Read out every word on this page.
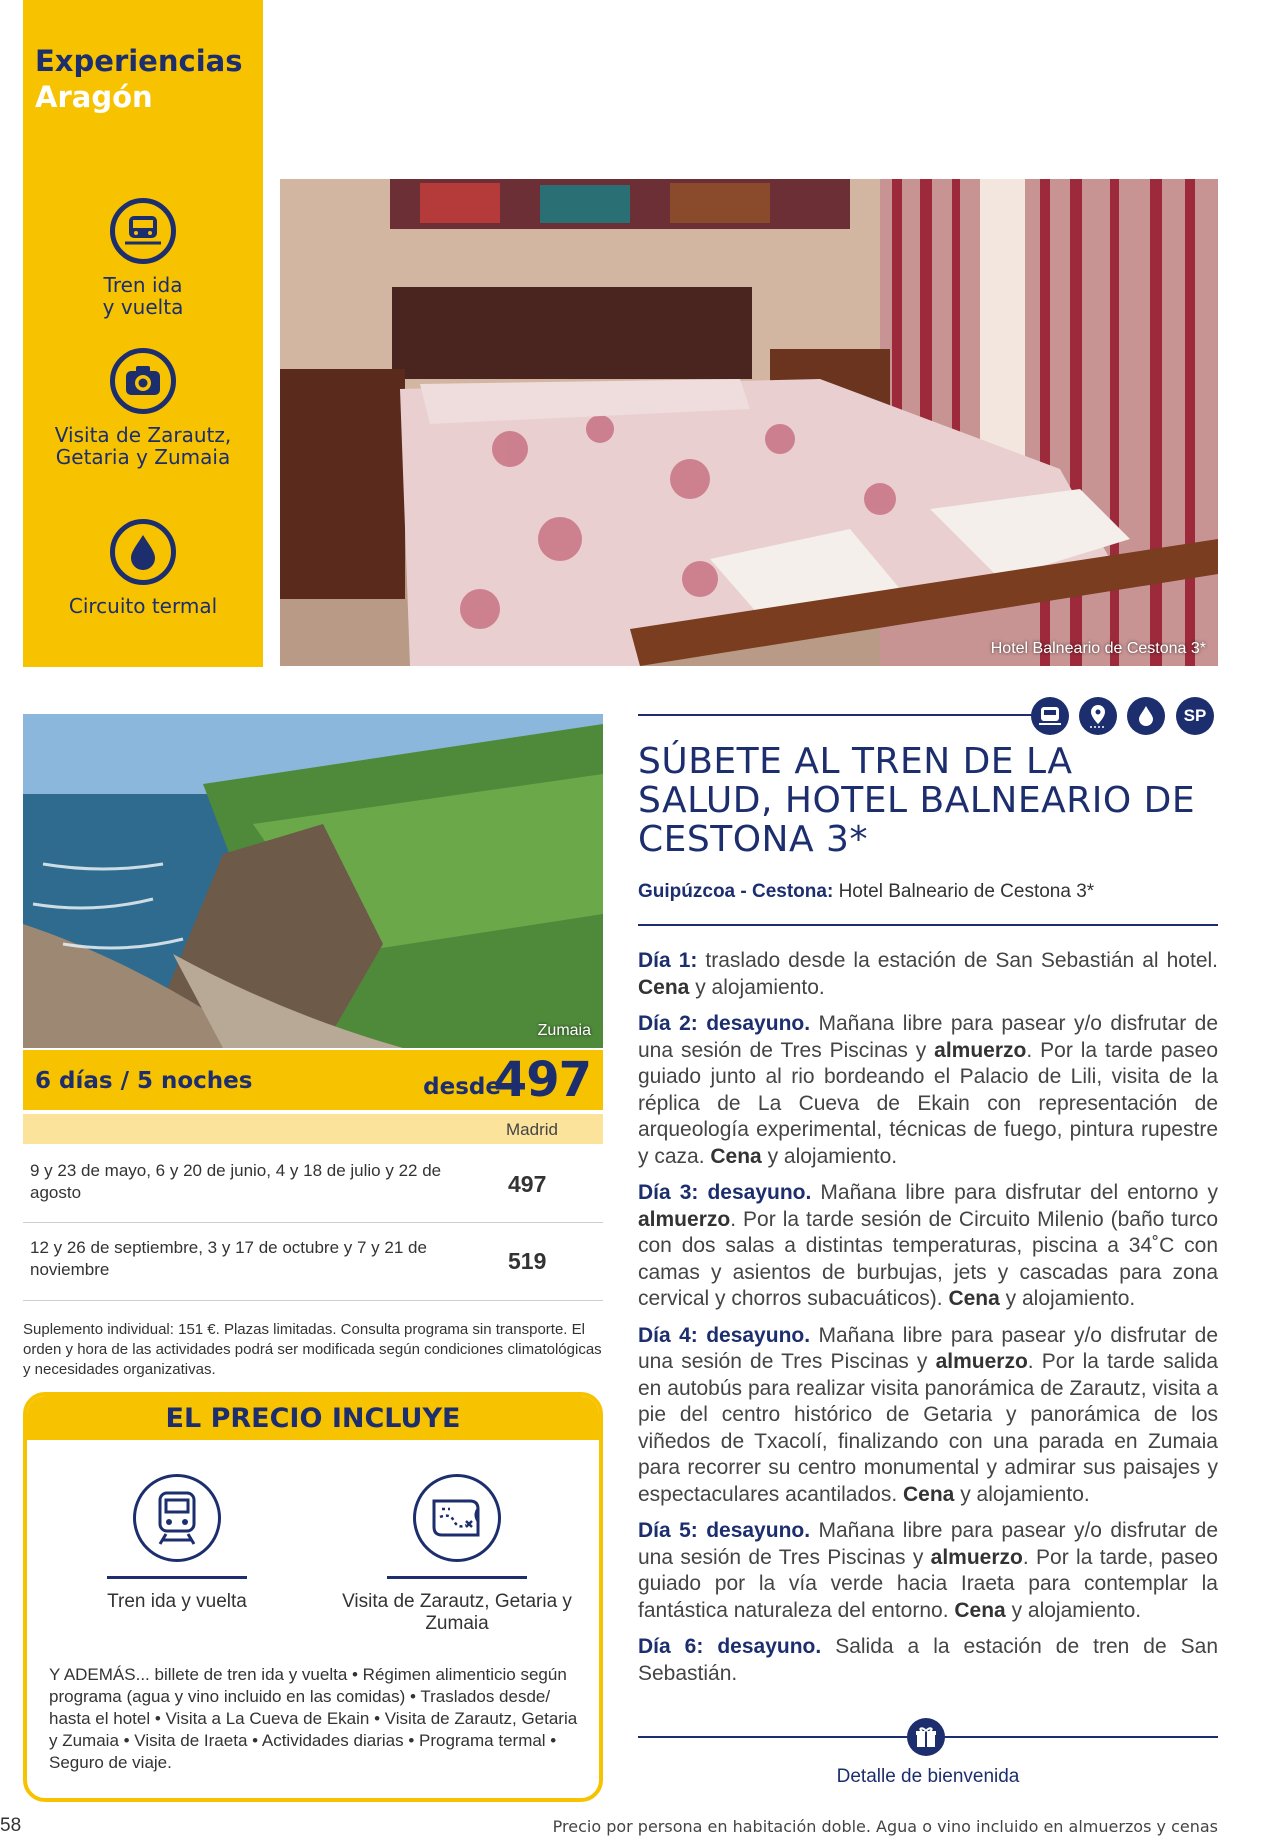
Experiencias
Aragón
Tren ida
y vuelta
Visita de Zarautz,
Getaria y Zumaia
Circuito termal
Hotel Balneario de Cestona 3*
Zumaia
6 días / 5 noches	desde
497
Madrid
9 y 23 de mayo, 6 y 20 de junio, 4 y 18 de julio y 22 de agosto	497
12 y 26 de septiembre, 3 y 17 de octubre y 7 y 21 de noviembre	519
Suplemento individual: 151 €. Plazas limitadas. Consulta programa sin transporte. El orden y hora de las actividades podrá ser modificada según condiciones climatológicas y necesidades organizativas.
EL PRECIO INCLUYE
Tren ida y vuelta	Visita de Zarautz, Getaria y Zumaia
Y ADEMÁS... billete de tren ida y vuelta • Régimen alimenticio según programa (agua y vino incluido en las comidas) • Traslados desde/ hasta el hotel • Visita a La Cueva de Ekain • Visita de Zarautz, Getaria y Zumaia • Visita de Iraeta • Actividades diarias • Programa termal • Seguro de viaje.
SP
SÚBETE AL TREN DE LA SALUD, HOTEL BALNEARIO DE CESTONA 3*
Guipúzcoa - Cestona: Hotel Balneario de Cestona 3*

Día 1: traslado desde la estación de San Sebastián al hotel. Cena y alojamiento.

Día 2: desayuno. Mañana libre para pasear y/o disfrutar de una sesión de Tres Piscinas y almuerzo. Por la tarde paseo guiado junto al rio bordeando el Palacio de Lili, visita de la réplica de La Cueva de Ekain con representación de arqueología experimental, técnicas de fuego, pintura rupestre y caza. Cena y alojamiento.

Día 3: desayuno. Mañana libre para disfrutar del entorno y almuerzo. Por la tarde sesión de Circuito Milenio (baño turco con dos salas a distintas temperaturas, piscina a 34˚C con camas y asientos de burbujas, jets y cascadas para zona cervical y chorros subacuáticos). Cena y alojamiento.

Día 4: desayuno. Mañana libre para pasear y/o disfrutar de una sesión de Tres Piscinas y almuerzo. Por la tarde salida en autobús para realizar visita panorámica de Zarautz, visita a pie del centro histórico de Getaria y panorámica de los viñedos de Txacolí, finalizando con una parada en Zumaia para recorrer su centro monumental y admirar sus paisajes y espectaculares acantilados. Cena y alojamiento.

Día 5: desayuno. Mañana libre para pasear y/o disfrutar de una sesión de Tres Piscinas y almuerzo. Por la tarde, paseo guiado por la vía verde hacia Iraeta para contemplar la fantástica naturaleza del entorno. Cena y alojamiento.

Día 6: desayuno. Salida a la estación de tren de San Sebastián.

Detalle de bienvenida
58	Precio por persona en habitación doble. Agua o vino incluido en almuerzos y cenas
